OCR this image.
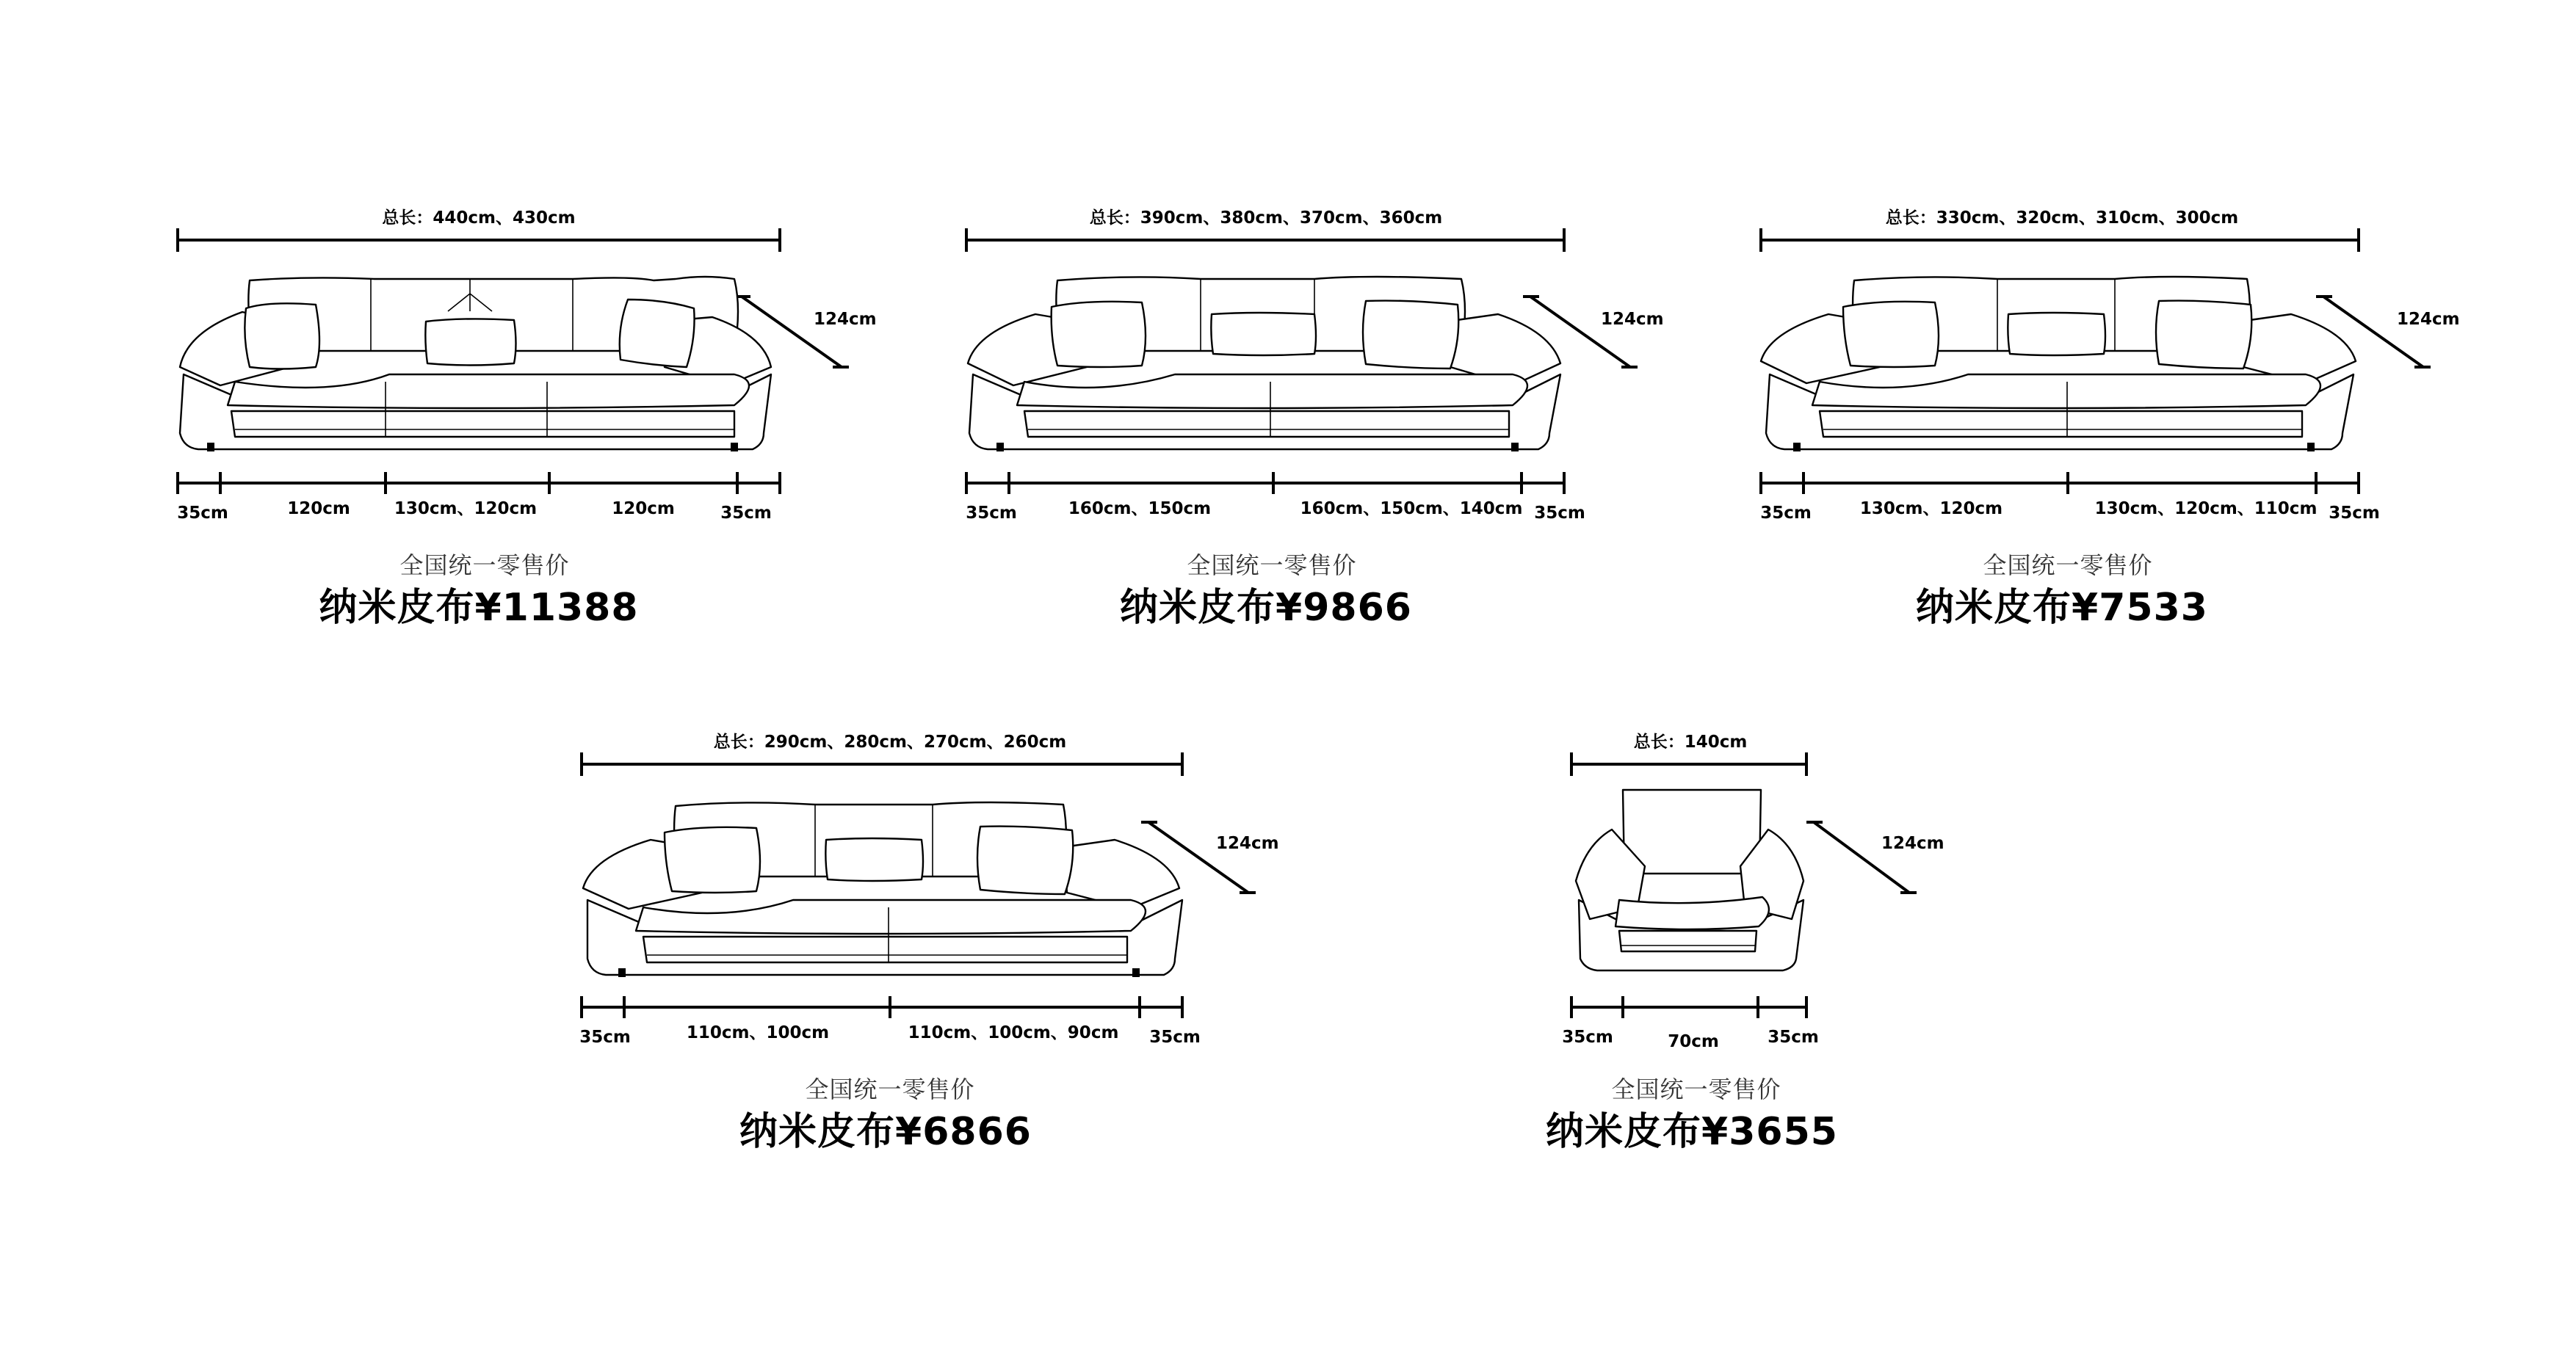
总长：440cm、430cm
124cm
35cm	120cm	130cm、120cm	120cm	35cm
全国统一零售价
纳米皮布¥11388
总长：390cm、380cm、370cm、360cm
124cm
35cm	160cm、150cm	160cm、150cm、140cm 35cm
全国统一零售价
纳米皮布¥9866
总长：330cm、320cm、310cm、300cm
124cm
35cm	130cm、120cm	130cm、120cm、110cm 35cm
全国统一零售价
纳米皮布¥7533
总长：290cm、280cm、270cm、260cm
124cm
35cm	110cm、100cm	110cm、100cm、90cm 35cm
全国统一零售价
纳米皮布¥6866
总长：140cm
124cm
35cm	70cm	35cm
全国统一零售价
纳米皮布¥3655
